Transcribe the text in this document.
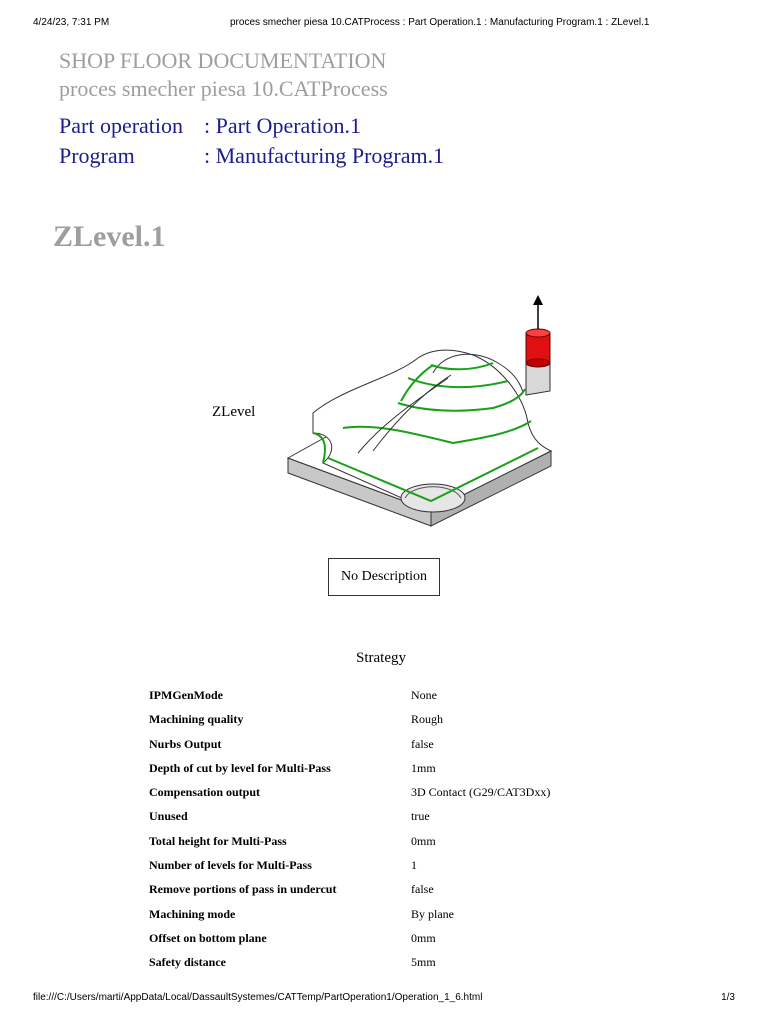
4/24/23, 7:31 PM	proces smecher piesa 10.CATProcess : Part Operation.1 : Manufacturing Program.1 : ZLevel.1
SHOP FLOOR DOCUMENTATION
proces smecher piesa 10.CATProcess
Part operation : Part Operation.1
Program	: Manufacturing Program.1
ZLevel.1
ZLevel
No Description
Strategy
IPMGenMode	None
Machining quality	Rough
Nurbs Output	false
Depth of cut by level for Multi-Pass	1mm
Compensation output	3D Contact (G29/CAT3Dxx)
Unused	true
Total height for Multi-Pass	0mm
Number of levels for Multi-Pass	1
Remove portions of pass in undercut	false
Machining mode	By plane
Offset on bottom plane	0mm
Safety distance	5mm
file:///C:/Users/marti/AppData/Local/DassaultSystemes/CATTemp/PartOperation1/Operation_1_6.html	1/3
